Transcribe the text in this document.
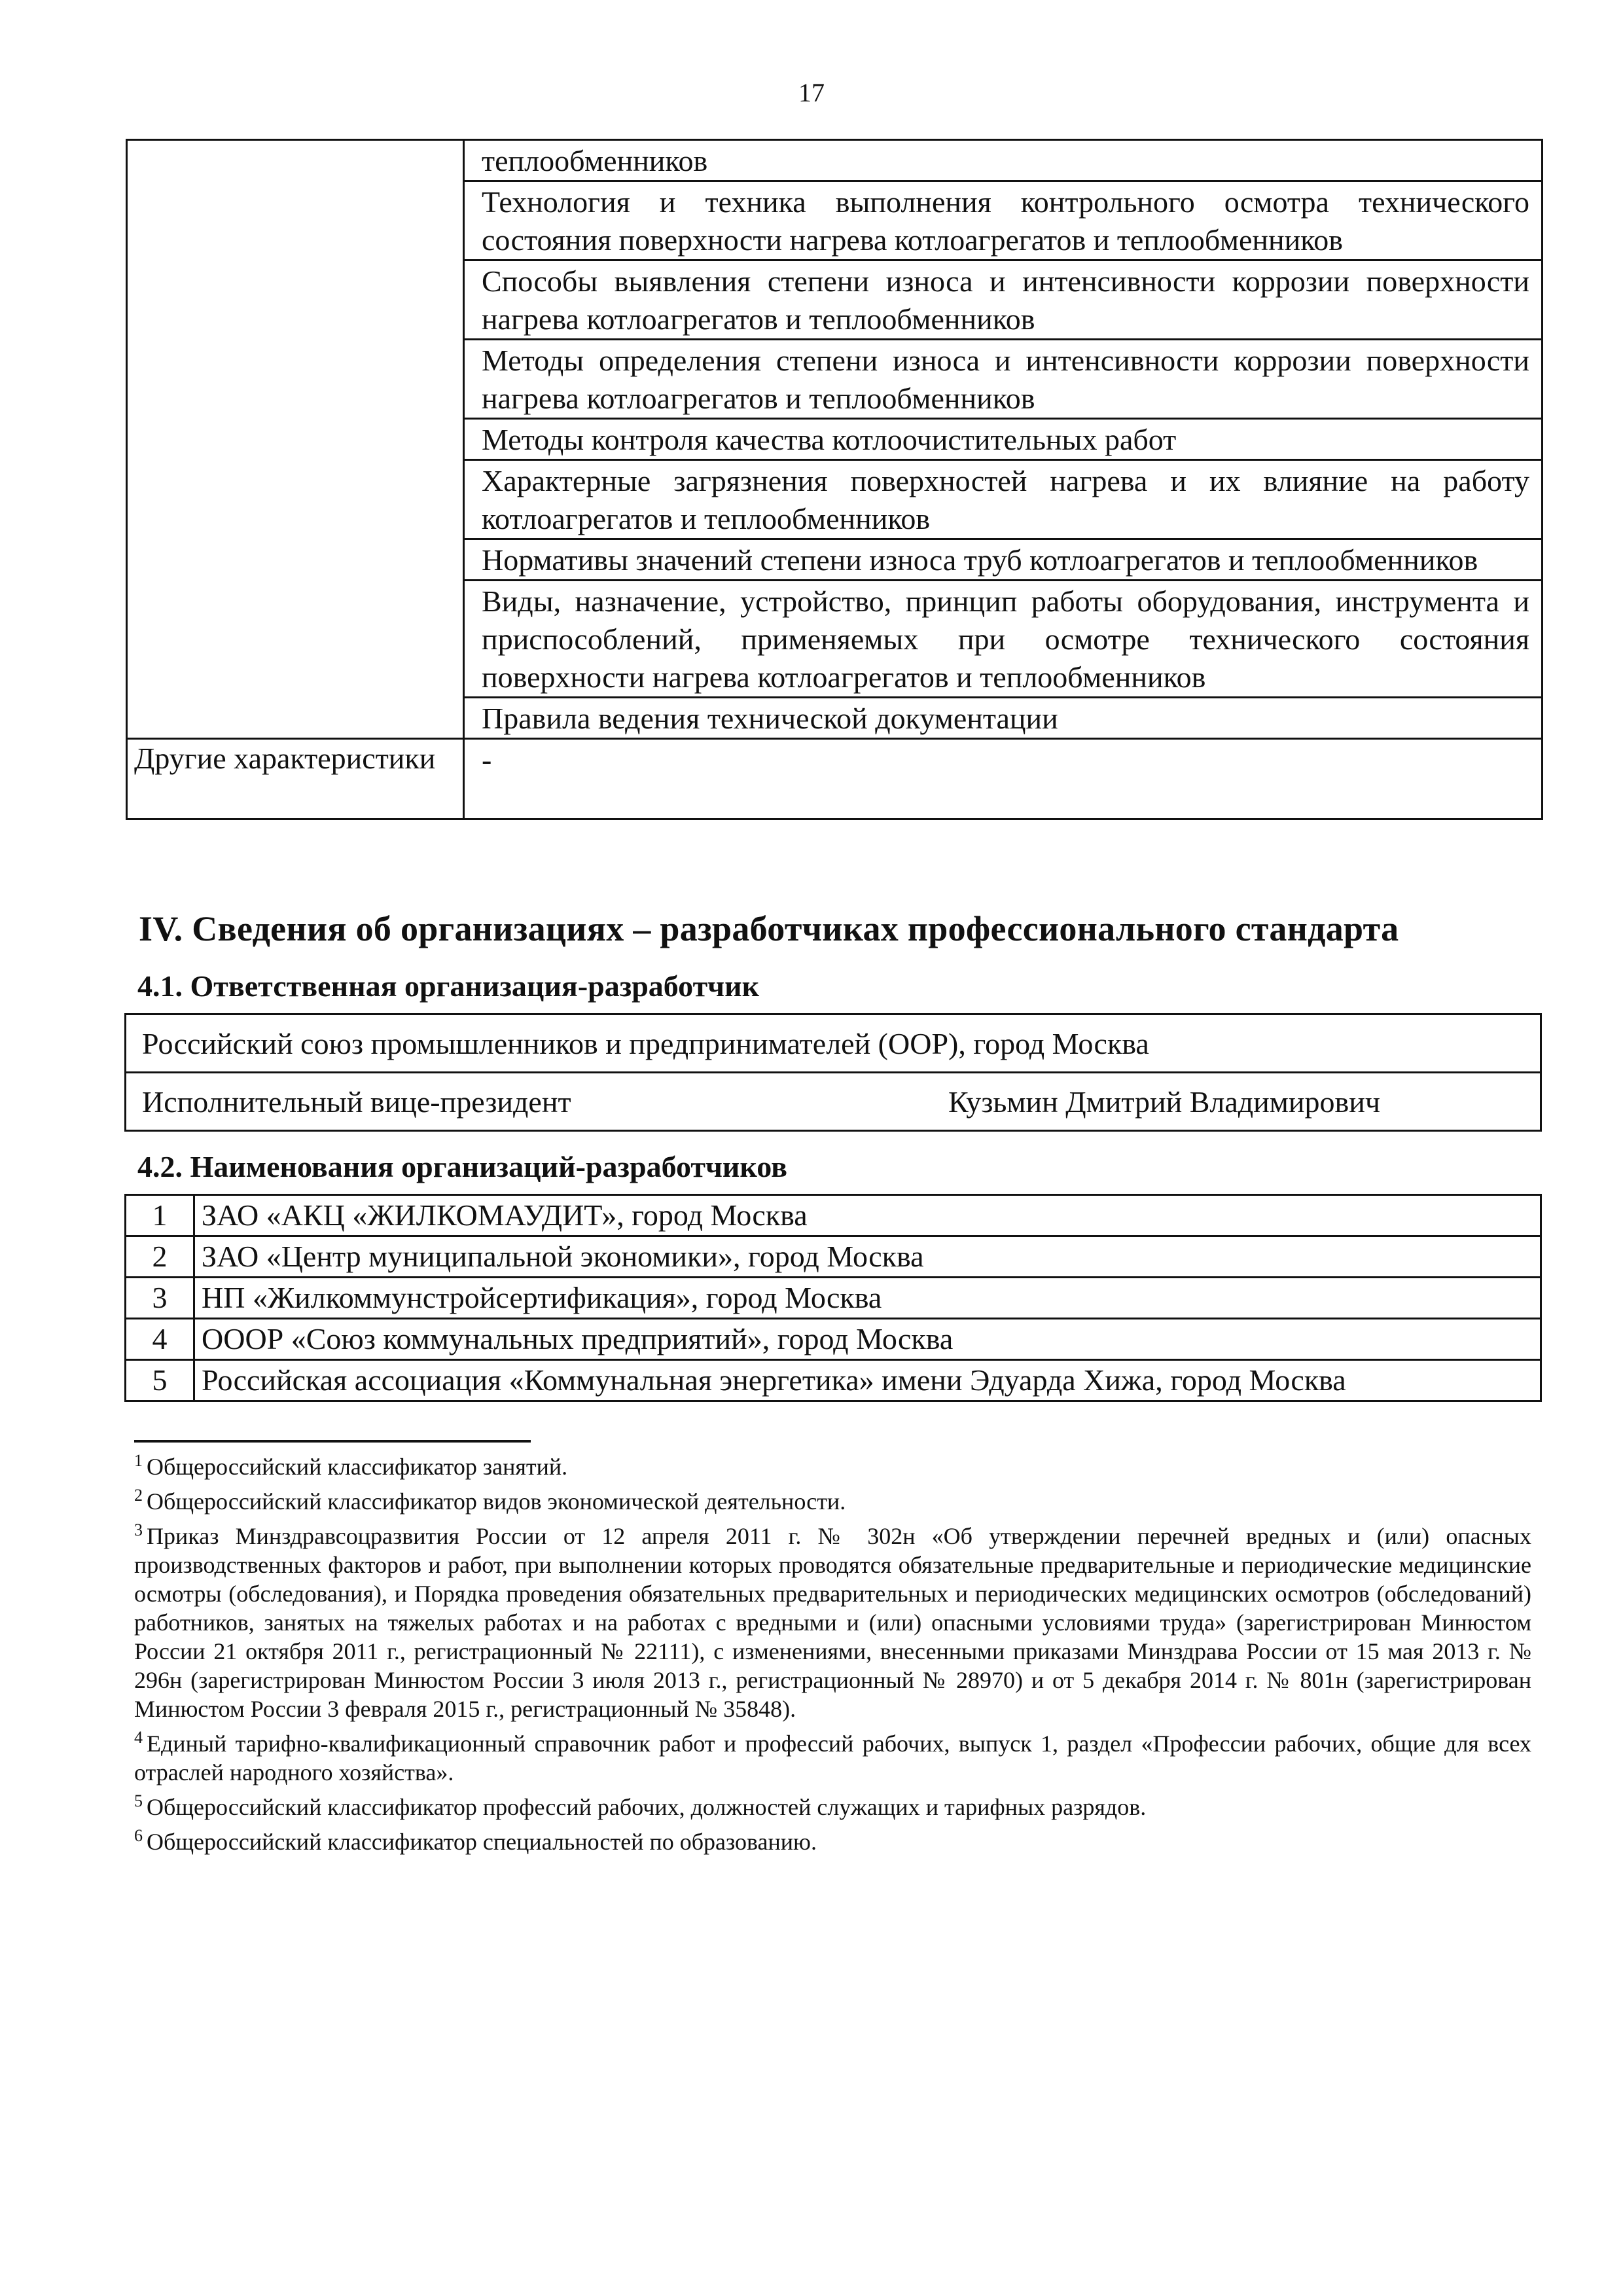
17
	теплообменников
	Технология и техника выполнения контрольного осмотра технического состояния поверхности нагрева котлоагрегатов и теплообменников
	Способы выявления степени износа и интенсивности коррозии поверхности нагрева котлоагрегатов и теплообменников
	Методы определения степени износа и интенсивности коррозии поверхности нагрева котлоагрегатов и теплообменников
	Методы контроля качества котлоочистительных работ
	Характерные загрязнения поверхностей нагрева и их влияние на работу котлоагрегатов и теплообменников
	Нормативы значений степени износа труб котлоагрегатов и теплообменников
	Виды, назначение, устройство, принцип работы оборудования, инструмента и приспособлений, применяемых при осмотре технического состояния поверхности нагрева котлоагрегатов и теплообменников
	Правила ведения технической документации
Другие характеристики	-
IV. Сведения об организациях – разработчиках профессионального стандарта
4.1. Ответственная организация-разработчик
Российский союз промышленников и предпринимателей (ООР), город Москва

Исполнительный вице-президент	Кузьмин Дмитрий Владимирович
4.2. Наименования организаций-разработчиков
1	ЗАО «АКЦ «ЖИЛКОМАУДИТ», город Москва
2	ЗАО «Центр муниципальной экономики», город Москва
3	НП «Жилкоммунстройсертификация», город Москва
4	ОООР «Союз коммунальных предприятий», город Москва
5	Российская ассоциация «Коммунальная энергетика» имени Эдуарда Хижа, город Москва
$^1$ Общероссийский классификатор занятий.
$^2$ Общероссийский классификатор видов экономической деятельности.
$^3$ Приказ Минздравсоцразвития России от 12 апреля 2011 г. № 302н «Об утверждении перечней вредных и (или) опасных производственных факторов и работ, при выполнении которых проводятся обязательные предварительные и периодические медицинские осмотры (обследования), и Порядка проведения обязательных предварительных и периодических медицинских осмотров (обследований) работников, занятых на тяжелых работах и на работах с вредными и (или) опасными условиями труда» (зарегистрирован Минюстом России 21 октября 2011 г., регистрационный № 22111), с изменениями, внесенными приказами Минздрава России от 15 мая 2013 г. № 296н (зарегистрирован Минюстом России 3 июля 2013 г., регистрационный № 28970) и от 5 декабря 2014 г. № 801н (зарегистрирован Минюстом России 3 февраля 2015 г., регистрационный № 35848).
$^4$ Единый тарифно-квалификационный справочник работ и профессий рабочих, выпуск 1, раздел «Профессии рабочих, общие для всех отраслей народного хозяйства».
$^5$ Общероссийский классификатор профессий рабочих, должностей служащих и тарифных разрядов.
$^6$ Общероссийский классификатор специальностей по образованию.
